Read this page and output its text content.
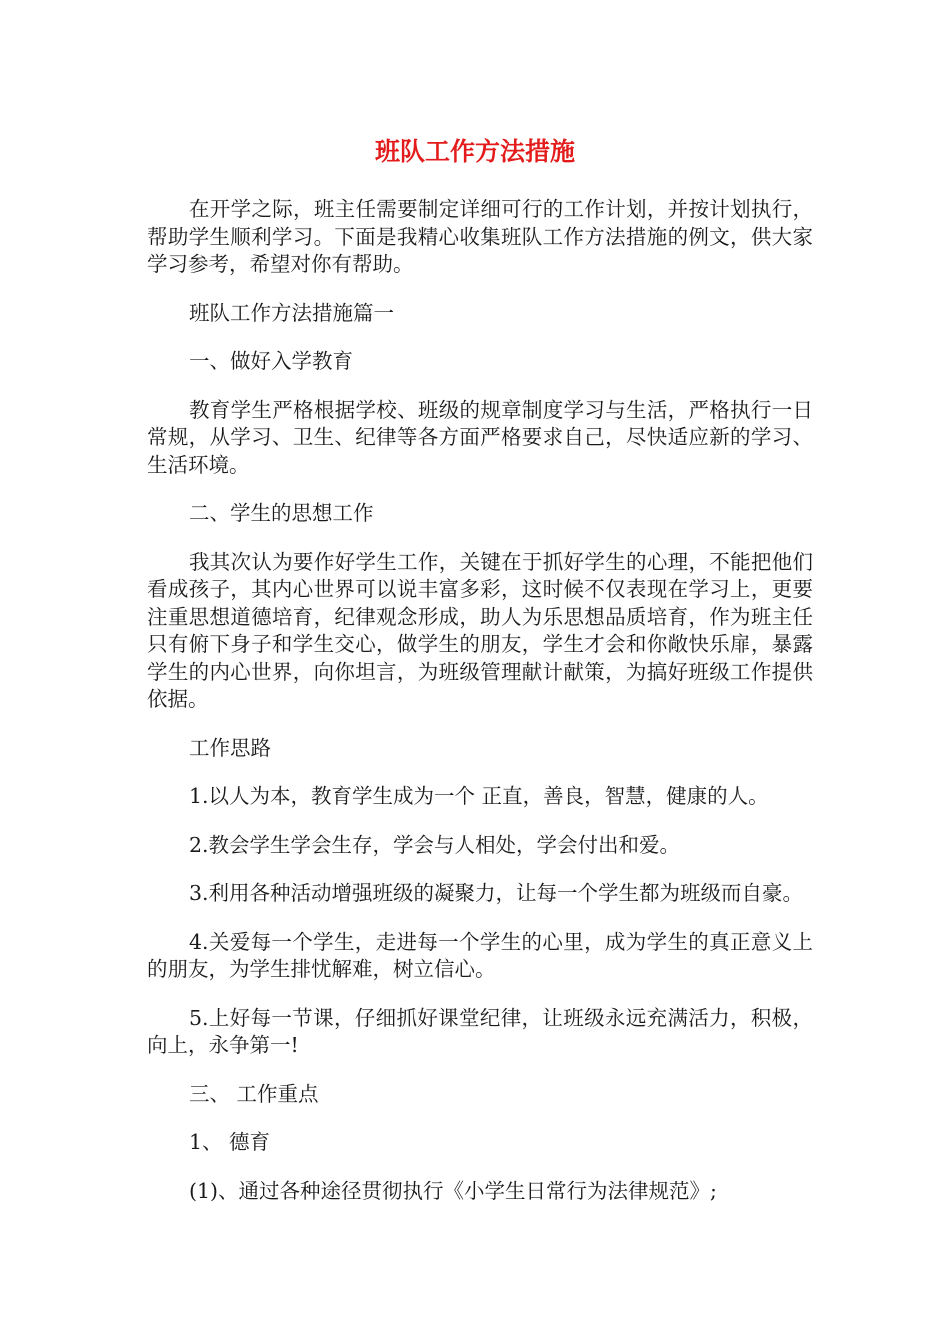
班队工作方法措施

在开学之际，班主任需要制定详细可行的工作计划，并按计划执行，帮助学生顺利学习。下面是我精心收集班队工作方法措施的例文，供大家学习参考，希望对你有帮助。

班队工作方法措施篇一

一、做好入学教育

教育学生严格根据学校、班级的规章制度学习与生活，严格执行一日常规，从学习、卫生、纪律等各方面严格要求自己，尽快适应新的学习、生活环境。

二、学生的思想工作

我其次认为要作好学生工作，关键在于抓好学生的心理，不能把他们看成孩子，其内心世界可以说丰富多彩，这时候不仅表现在学习上，更要注重思想道德培育，纪律观念形成，助人为乐思想品质培育，作为班主任只有俯下身子和学生交心，做学生的朋友，学生才会和你敞快乐扉，暴露学生的内心世界，向你坦言，为班级管理献计献策，为搞好班级工作提供依据。

工作思路

1.以人为本，教育学生成为一个 正直，善良，智慧，健康的人。

2.教会学生学会生存，学会与人相处，学会付出和爱。

3.利用各种活动增强班级的凝聚力，让每一个学生都为班级而自豪。

4.关爱每一个学生，走进每一个学生的心里，成为学生的真正意义上的朋友，为学生排忧解难，树立信心。

5.上好每一节课，仔细抓好课堂纪律，让班级永远充满活力，积极，向上，永争第一!

三、 工作重点

1、 德育

(1)、通过各种途径贯彻执行《小学生日常行为法律规范》;
